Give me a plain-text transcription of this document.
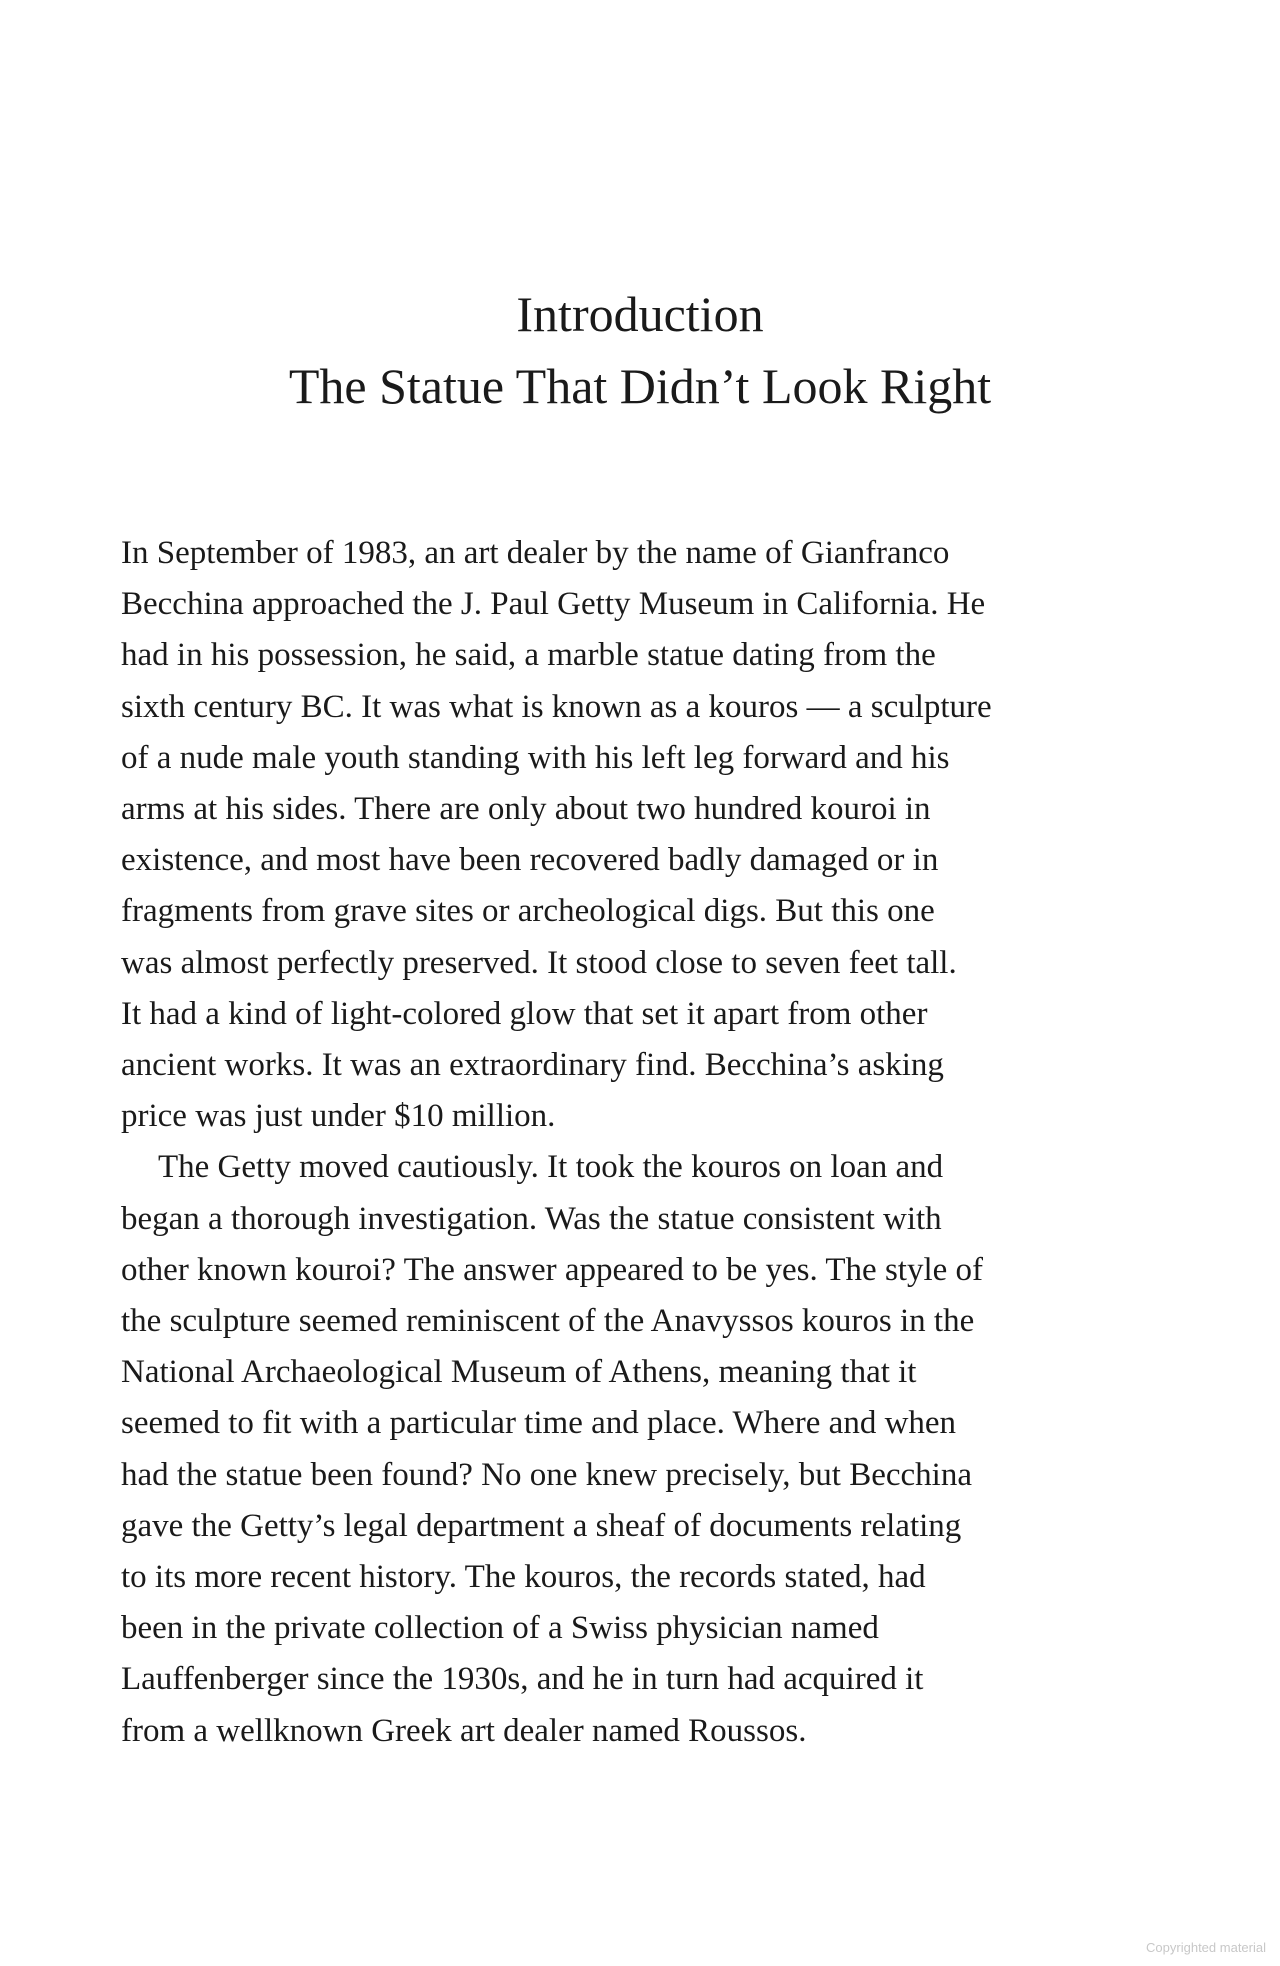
Introduction
The Statue That Didn’t Look Right
In September of 1983, an art dealer by the name of Gianfranco
Becchina approached the J. Paul Getty Museum in California. He
had in his possession, he said, a marble statue dating from the
sixth century BC. It was what is known as a kouros — a sculpture
of a nude male youth standing with his left leg forward and his
arms at his sides. There are only about two hundred kouroi in
existence, and most have been recovered badly damaged or in
fragments from grave sites or archeological digs. But this one
was almost perfectly preserved. It stood close to seven feet tall.
It had a kind of light-colored glow that set it apart from other
ancient works. It was an extraordinary find. Becchina’s asking
price was just under $10 million.
The Getty moved cautiously. It took the kouros on loan and
began a thorough investigation. Was the statue consistent with
other known kouroi? The answer appeared to be yes. The style of
the sculpture seemed reminiscent of the Anavyssos kouros in the
National Archaeological Museum of Athens, meaning that it
seemed to fit with a particular time and place. Where and when
had the statue been found? No one knew precisely, but Becchina
gave the Getty’s legal department a sheaf of documents relating
to its more recent history. The kouros, the records stated, had
been in the private collection of a Swiss physician named
Lauffenberger since the 1930s, and he in turn had acquired it
from a wellknown Greek art dealer named Roussos.
Copyrighted material
